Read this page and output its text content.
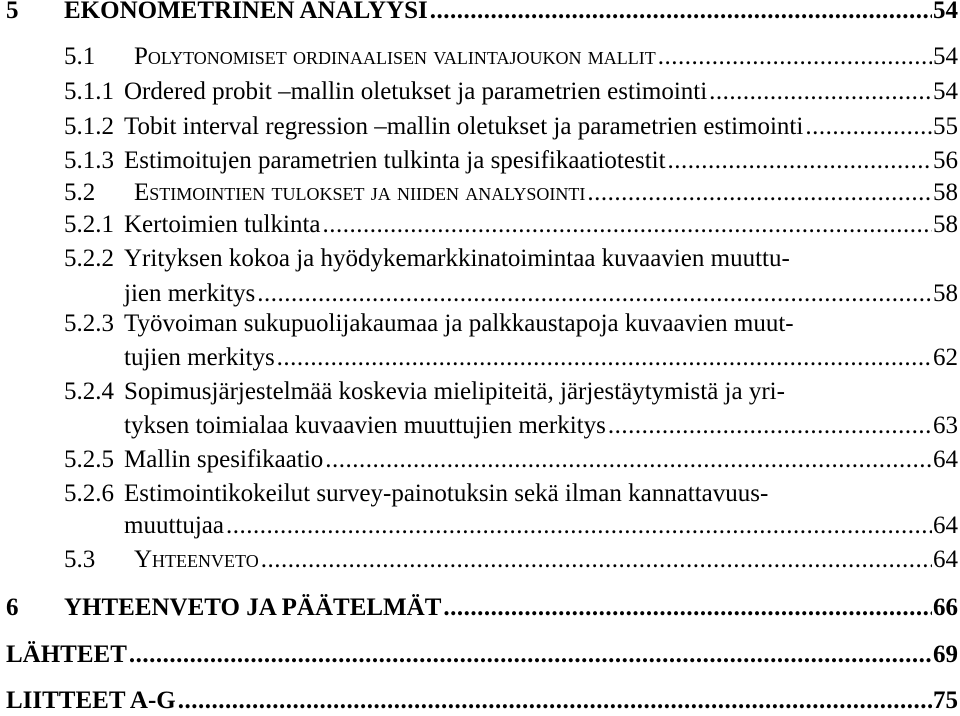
5 EKONOMETRINEN ANALYYSI .....	54
5.1 Polytonomiset ordinaalisen valintajoukon mallit .....	54
5.1.1 Ordered probit –mallin oletukset ja parametrien estimointi .....	54
5.1.2 Tobit interval regression –mallin oletukset ja parametrien estimointi .....	55
5.1.3 Estimoitujen parametrien tulkinta ja spesifikaatiotestit .....	56
5.2 Estimointien tulokset ja niiden analysointi .....	58
5.2.1 Kertoimien tulkinta .....	58
5.2.2 Yrityksen kokoa ja hyödykemarkkinatoimintaa kuvaavien muuttu-
jien merkitys .....	58
5.2.3 Työvoiman sukupuolijakaumaa ja palkkaustapoja kuvaavien muut-
tujien merkitys .....	62
5.2.4 Sopimusjärjestelmää koskevia mielipiteitä, järjestäytymistä ja yri-
tyksen toimialaa kuvaavien muuttujien merkitys .....	63
5.2.5 Mallin spesifikaatio .....	64
5.2.6 Estimointikokeilut survey-painotuksin sekä ilman kannattavuus-
muuttujaa .....	64
5.3 Yhteenveto .....	64
6 YHTEENVETO JA PÄÄTELMÄT .....	66
LÄHTEET .....	69
LIITTEET A-G .....	75
